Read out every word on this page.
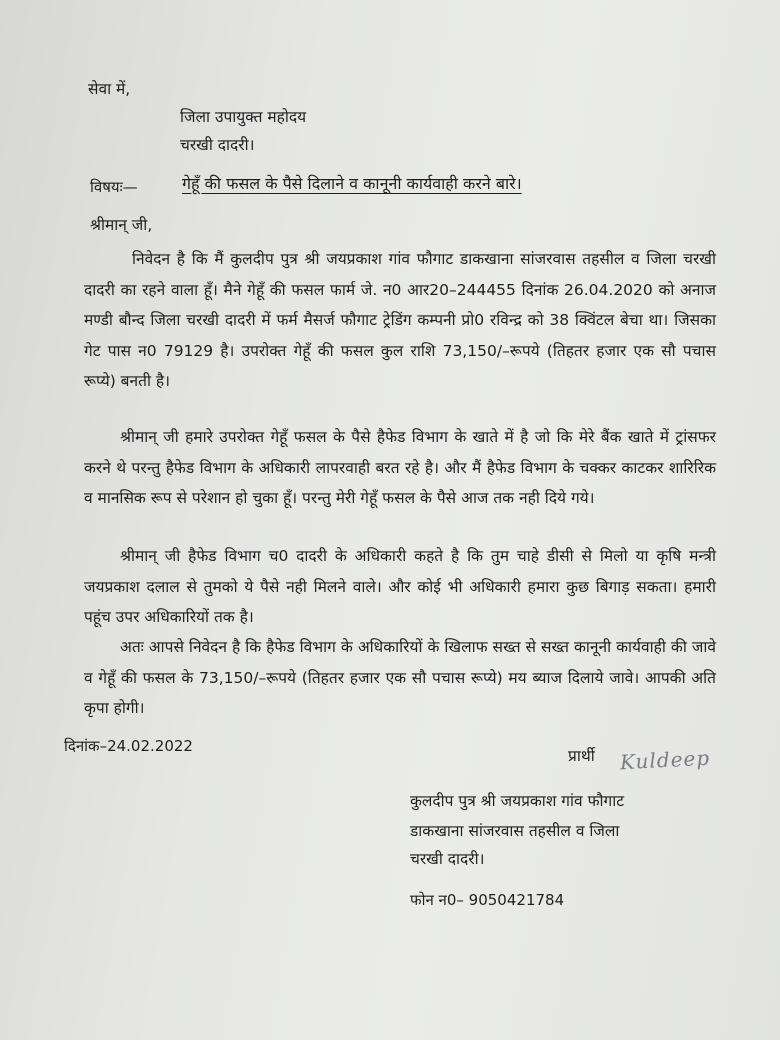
सेवा में,
जिला उपायुक्त महोदय
चरखी दादरी।
विषयः—	गेहूँ की फसल के पैसे दिलाने व कानूनी कार्यवाही करने बारे।
श्रीमान् जी,
निवेदन है कि मैं कुलदीप पुत्र श्री जयप्रकाश गांव फौगाट डाकखाना सांजरवास तहसील व जिला चरखी दादरी का रहने वाला हूँ। मैने गेहूँ की फसल फार्म जे. न0 आर20–244455 दिनांक 26.04.2020 को अनाज मण्डी बौन्द जिला चरखी दादरी में फर्म मैसर्ज फौगाट ट्रेडिंग कम्पनी प्रो0 रविन्द्र को 38 क्विंटल बेचा था। जिसका गेट पास न0 79129 है। उपरोक्त गेहूँ की फसल कुल राशि 73,150/–रूपये (तिहतर हजार एक सौ पचास रूप्ये) बनती है।
श्रीमान् जी हमारे उपरोक्त गेहूँ फसल के पैसे हैफेड विभाग के खाते में है जो कि मेरे बैंक खाते में ट्रांसफर करने थे परन्तु हैफेड विभाग के अधिकारी लापरवाही बरत रहे है। और मैं हैफेड विभाग के चक्कर काटकर शारिरिक व मानसिक रूप से परेशान हो चुका हूँ। परन्तु मेरी गेहूँ फसल के पैसे आज तक नही दिये गये।
श्रीमान् जी हैफेड विभाग च0 दादरी के अधिकारी कहते है कि तुम चाहे डीसी से मिलो या कृषि मन्त्री जयप्रकाश दलाल से तुमको ये पैसे नही मिलने वाले। और कोई भी अधिकारी हमारा कुछ बिगाड़ सकता। हमारी पहूंच उपर अधिकारियों तक है।
अतः आपसे निवेदन है कि हैफेड विभाग के अधिकारियों के खिलाफ सख्त से सख्त कानूनी कार्यवाही की जावे व गेहूँ की फसल के 73,150/–रूपये (तिहतर हजार एक सौ पचास रूप्ये) मय ब्याज दिलाये जावे। आपकी अति कृपा होगी।
दिनांक–24.02.2022
प्रार्थी Kuldeep
कुलदीप पुत्र श्री जयप्रकाश गांव फौगाट
डाकखाना सांजरवास तहसील व जिला
चरखी दादरी।
फोन न0– 9050421784
